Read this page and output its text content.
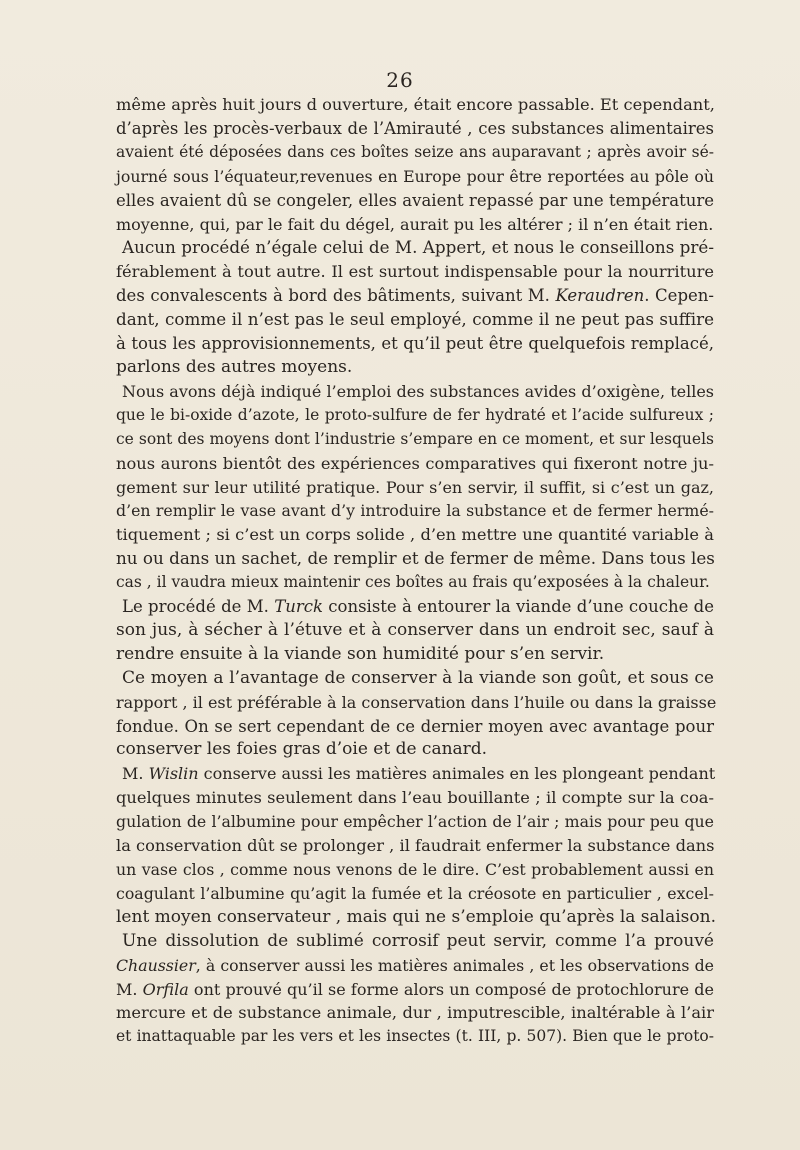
26
même après huit jours d ouverture, était encore passable. Et cependant,
d’après les procès-verbaux de l’Amirauté , ces substances alimentaires
avaient été déposées dans ces boîtes seize ans auparavant ; après avoir sé-
journé sous l’équateur,revenues en Europe pour être reportées au pôle où
elles avaient dû se congeler, elles avaient repassé par une température
moyenne, qui, par le fait du dégel, aurait pu les altérer ; il n’en était rien.
Aucun procédé n’égale celui de M. Appert, et nous le conseillons pré-
férablement à tout autre. Il est surtout indispensable pour la nourriture
des convalescents à bord des bâtiments, suivant M. Keraudren. Cepen-
dant, comme il n’est pas le seul employé, comme il ne peut pas suffire
à tous les approvisionnements, et qu’il peut être quelquefois remplacé,
parlons des autres moyens.
Nous avons déjà indiqué l’emploi des substances avides d’oxigène, telles
que le bi-oxide d’azote, le proto-sulfure de fer hydraté et l’acide sulfureux ;
ce sont des moyens dont l’industrie s’empare en ce moment, et sur lesquels
nous aurons bientôt des expériences comparatives qui fixeront notre ju-
gement sur leur utilité pratique. Pour s’en servir, il suffit, si c’est un gaz,
d’en remplir le vase avant d’y introduire la substance et de fermer hermé-
tiquement ; si c’est un corps solide , d’en mettre une quantité variable à
nu ou dans un sachet, de remplir et de fermer de même. Dans tous les
cas , il vaudra mieux maintenir ces boîtes au frais qu’exposées à la chaleur.
Le procédé de M. Turck consiste à entourer la viande d’une couche de
son jus, à sécher à l’étuve et à conserver dans un endroit sec, sauf à
rendre ensuite à la viande son humidité pour s’en servir.
Ce moyen a l’avantage de conserver à la viande son goût, et sous ce
rapport , il est préférable à la conservation dans l’huile ou dans la graisse
fondue. On se sert cependant de ce dernier moyen avec avantage pour
conserver les foies gras d’oie et de canard.
M. Wislin conserve aussi les matières animales en les plongeant pendant
quelques minutes seulement dans l’eau bouillante ; il compte sur la coa-
gulation de l’albumine pour empêcher l’action de l’air ; mais pour peu que
la conservation dût se prolonger , il faudrait enfermer la substance dans
un vase clos , comme nous venons de le dire. C’est probablement aussi en
coagulant l’albumine qu’agit la fumée et la créosote en particulier , excel-
lent moyen conservateur , mais qui ne s’emploie qu’après la salaison.
Une dissolution de sublimé corrosif peut servir, comme l’a prouvé
Chaussier, à conserver aussi les matières animales , et les observations de
M. Orfila ont prouvé qu’il se forme alors un composé de protochlorure de
mercure et de substance animale, dur , imputrescible, inaltérable à l’air
et inattaquable par les vers et les insectes (t. III, p. 507). Bien que le proto-
